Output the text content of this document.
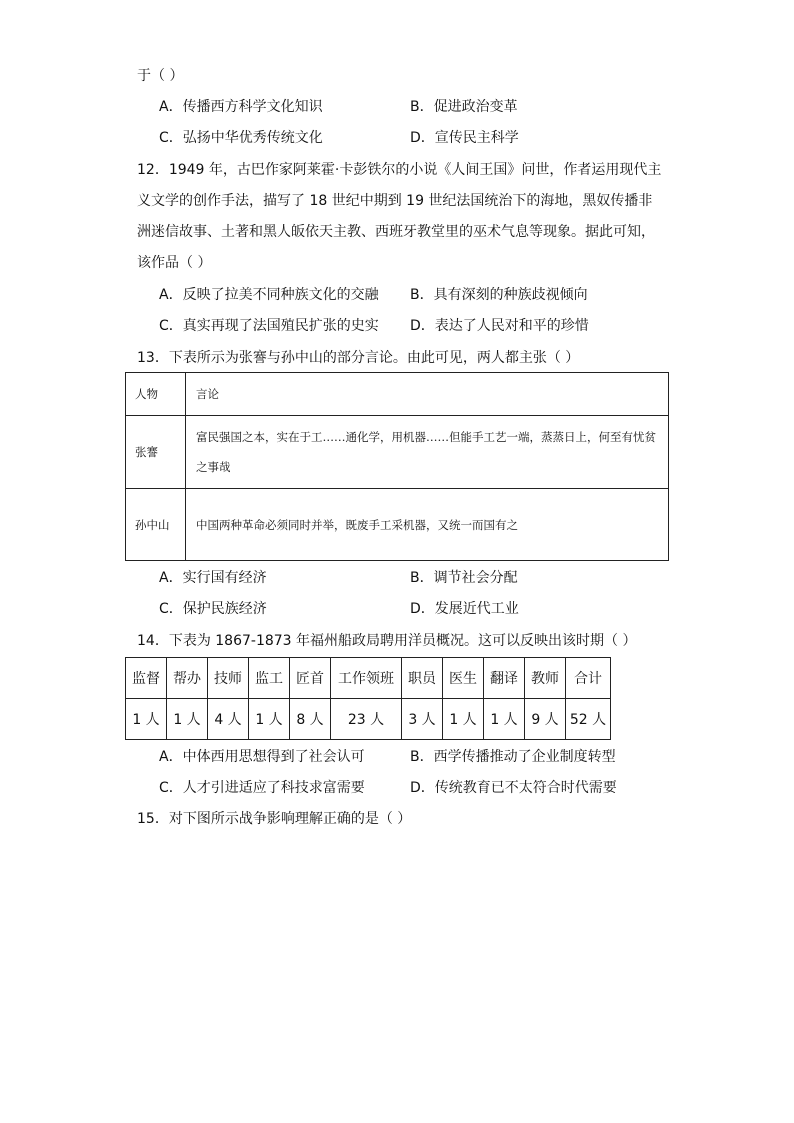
于（ ）
A．传播西方科学文化知识	B．促进政治变革
C．弘扬中华优秀传统文化	D．宣传民主科学
12．1949 年，古巴作家阿莱霍·卡彭铁尔的小说《人间王国》问世，作者运用现代主义文学的创作手法，描写了 18 世纪中期到 19 世纪法国统治下的海地，黑奴传播非洲迷信故事、土著和黑人皈依天主教、西班牙教堂里的巫术气息等现象。据此可知，该作品（ ）
A．反映了拉美不同种族文化的交融 B．具有深刻的种族歧视倾向
C．真实再现了法国殖民扩张的史实 D．表达了人民对和平的珍惜
13．下表所示为张謇与孙中山的部分言论。由此可见，两人都主张（ ）
人物	言论
张謇	富民强国之本，实在于工……通化学，用机器……但能手工艺一端，蒸蒸日上，何至有忧贫之事哉
孙中山	中国两种革命必须同时并举，既废手工采机器，又统一而国有之
A．实行国有经济	B．调节社会分配
C．保护民族经济	D．发展近代工业
14．下表为 1867-1873 年福州船政局聘用洋员概况。这可以反映出该时期（ ）
监督	帮办	技师	监工	匠首	工作领班	职员	医生	翻译	教师	合计
1 人	1 人	4 人	1 人	8 人	23 人	3 人	1 人	1 人	9 人	52 人
A．中体西用思想得到了社会认可	B．西学传播推动了企业制度转型
C．人才引进适应了科技求富需要	D．传统教育已不太符合时代需要
15．对下图所示战争影响理解正确的是（ ）
